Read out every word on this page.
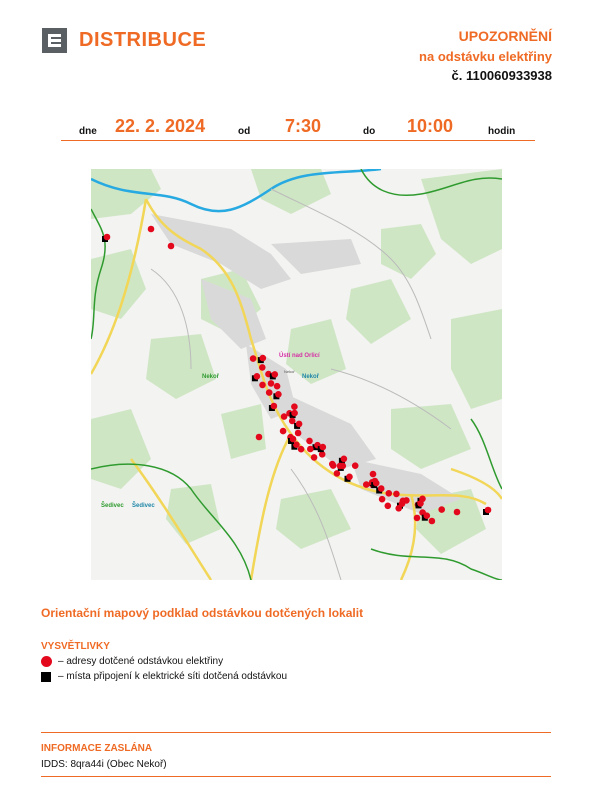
DISTRIBUCE	UPOZORNĚNÍ
na odstávku elektřiny
č. 110060933938
dne 22. 2. 2024	od 7:30	do 10:00	hodin
Ústí nad Orlicí
Nekoř	Nekoř
Šedivec Šedivec
Nekoř
Orientační mapový podklad odstávkou dotčených lokalit
VYSVĚTLIVKY
– adresy dotčené odstávkou elektřiny
– místa připojení k elektrické síti dotčená odstávkou
INFORMACE ZASLÁNA
IDDS: 8qra44i (Obec Nekoř)
